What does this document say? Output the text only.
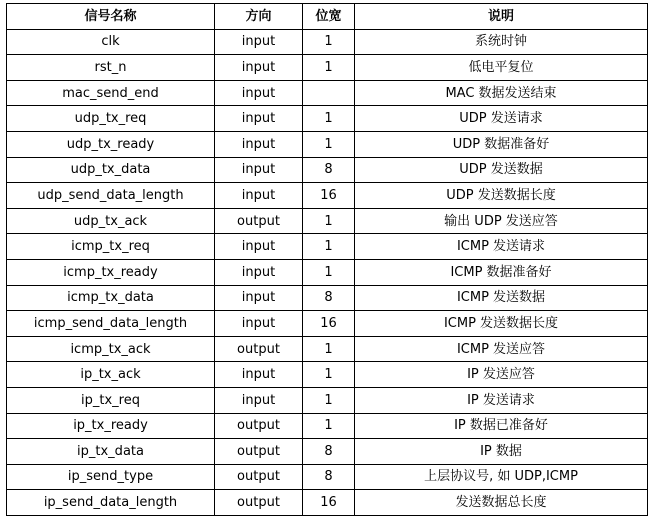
信号名称	方向	位宽	说明
clk	input	1	系统时钟
rst_n	input	1	低电平复位
mac_send_end	input		MAC 数据发送结束
udp_tx_req	input	1	UDP 发送请求
udp_tx_ready	input	1	UDP 数据准备好
udp_tx_data	input	8	UDP 发送数据
udp_send_data_length	input	16	UDP 发送数据长度
udp_tx_ack	output	1	输出 UDP 发送应答
icmp_tx_req	input	1	ICMP 发送请求
icmp_tx_ready	input	1	ICMP 数据准备好
icmp_tx_data	input	8	ICMP 发送数据
icmp_send_data_length	input	16	ICMP 发送数据长度
icmp_tx_ack	output	1	ICMP 发送应答
ip_tx_ack	input	1	IP 发送应答
ip_tx_req	input	1	IP 发送请求
ip_tx_ready	output	1	IP 数据已准备好
ip_tx_data	output	8	IP 数据
ip_send_type	output	8	上层协议号, 如 UDP,ICMP
ip_send_data_length	output	16	发送数据总长度
